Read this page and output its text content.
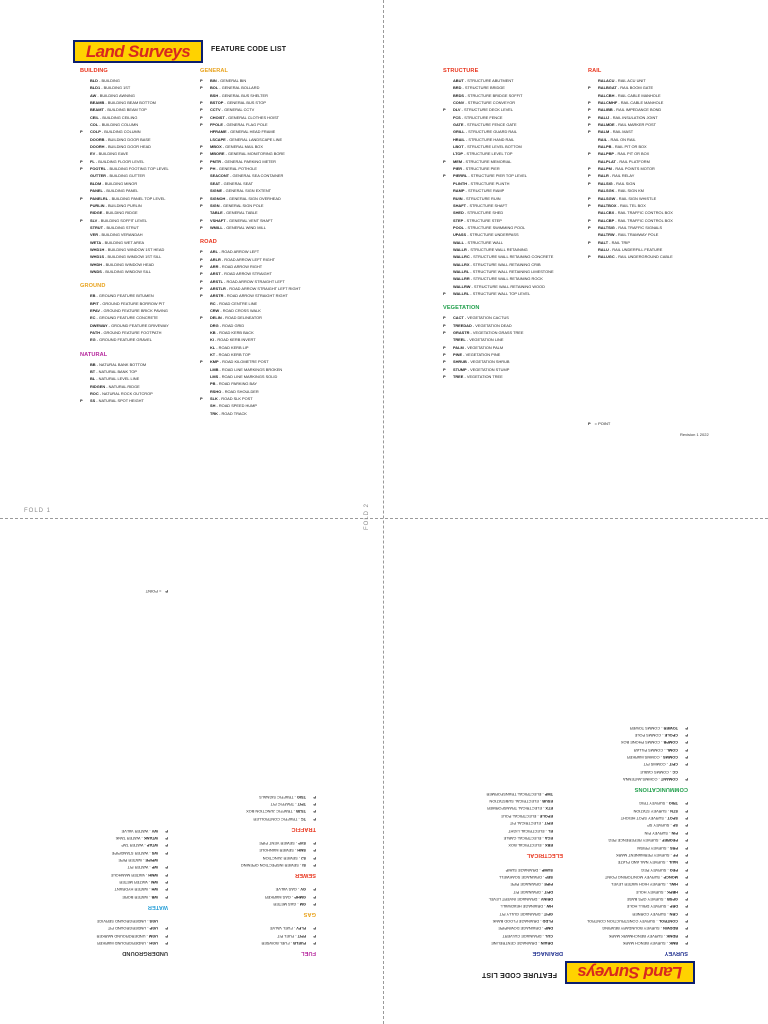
FOLD 1	FOLD 2
Land Surveys	FEATURE CODE LIST
BUILDING
BLD - BUILDING
BLD1 - BUILDING 1ST
AW - BUILDING AWNING
BEAMB - BUILDING BEAM BOTTOM
BEAMT - BUILDING BEAM TOP
CEIL - BUILDING CEILING
COL - BUILDING COLUMN
P COLP - BUILDING COLUMN
DOORB - BUILDING DOOR BASE
DOORH - BUILDING DOOR HEAD
EV - BUILDING EAVE
P FL - BUILDING FLOOR LEVEL
P FOOTRL - BUILDING FOOTING TOP LEVEL
GUTTER - BUILDING GUTTER
BLDM - BUILDING MINOR
PANEL - BUILDING PANEL
P PANELRL - BUILDING PANEL TOP LEVEL
PURLIN - BUILDING PURLIN
RIDGE - BUILDING RIDGE
P SLV - BUILDING SOFFIT LEVEL
STRUT - BUILDING STRUT
VER - BUILDING VERANDAH
WETA - BUILDING WET AREA
WHD1H - BUILDING WINDOW 1ST HEAD
WHD1S - BUILDING WINDOW 1ST SILL
WHDH - BUILDING WINDOW HEAD
WNDS - BUILDING WINDOW SILL
GROUND
EB - GROUND FEATURE BITUMEN
BPIT - GROUND FEATURE BORROW PIT
EPAV - GROUND FEATURE BRICK PAVING
EC - GROUND FEATURE CONCRETE
DWEWAY - GROUND FEATURE DRIVEWAY
PATH - GROUND FEATURE FOOTPATH
EG - GROUND FEATURE GRAVEL
NATURAL
BB - NATURAL BANK BOTTOM
BT - NATURAL BANK TOP
BL - NATURAL LEVEL LINE
RIDGEN - NATURAL RIDGE
ROC - NATURAL ROCK OUTCROP
P SS - NATURAL SPOT HEIGHT
GENERAL
P BIN - GENERAL BIN
P BOL - GENERAL BOLLARD
BSH - GENERAL BUS SHELTER
P BSTOP - GENERAL BUS STOP
P CCTV - GENERAL CCTV
P CHOIST - GENERAL CLOTHES HOIST
P FPOLE - GENERAL FLAG POLE
HFRAME - GENERAL HEAD FRAME
LSCAPE - GENERAL LANDSCAPE LINE
P MBOX - GENERAL MAIL BOX
P MBORE - GENERAL MONITORING BORE
P PMTR - GENERAL PARKING METER
P PH - GENERAL POTHOLE
SEACONT - GENERAL SEA CONTAINER
SEAT - GENERAL SEAT
SIGNE - GENERAL SIGN EXTENT
P SIGNOH - GENERAL SIGN OVERHEAD
P SIGN - GENERAL SIGN POLE
TABLE - GENERAL TABLE
P VSHAFT - GENERAL VENT SHAFT
P WMILL - GENERAL WIND MILL
ROAD
P ARL - ROAD ARROW LEFT
P ARLR - ROAD ARROW LEFT RIGHT
P ARR - ROAD ARROW RIGHT
P ARST - ROAD ARROW STRAIGHT
P ARSTL - ROAD ARROW STRAIGHT LEFT
P ARSTLR - ROAD ARROW STRAIGHT LEFT RIGHT
P ARSTR - ROAD ARROW STRAIGHT RIGHT
RC - ROAD CENTRE LINE
CRW - ROAD CROSS WALK
P DELIN - ROAD DELINEATOR
DRG - ROAD GRID
KB - ROAD KERB BACK
KI - ROAD KERB INVERT
KL - ROAD KERB LIP
KT - ROAD KERB TOP
P KMP - ROAD KILOMETRE POST
LMB - ROAD LINE MARKINGS BROKEN
LMS - ROAD LINE MARKINGS SOLID
PB - ROAD PARKING BAY
RSHO - ROAD SHOULDER
P SLK - ROAD SLK POST
SH - ROAD SPEED HUMP
TRK - ROAD TRACK
STRUCTURE
ABUT - STRUCTURE ABUTMENT
BRD - STRUCTURE BRIDGE
BRDS - STRUCTURE BRIDGE SOFFIT
CONV - STRUCTURE CONVEYOR
P DLV - STRUCTURE DECK LEVEL
FCS - STRUCTURE FENCE
GATE - STRUCTURE FENCE GATE
GRILL - STRUCTURE GUARD RAIL
HRAIL - STRUCTURE HAND RAIL
LBOT - STRUCTURE LEVEL BOTTOM
LTOP - STRUCTURE LEVEL TOP
P MEM - STRUCTURE MEMORIAL
PIER - STRUCTURE PIER
P PIERRL - STRUCTURE PIER TOP LEVEL
PLINTH - STRUCTURE PLINTH
RAMP - STRUCTURE RAMP
RUIN - STRUCTURE RUIN
SHAFT - STRUCTURE SHAFT
SHED - STRUCTURE SHED
STEP - STRUCTURE STEP
POOL - STRUCTURE SWIMMING POOL
UPASS - STRUCTURE UNDERPASS
WALL - STRUCTURE WALL
WALLR - STRUCTURE WALL RETAINING
WALLRC - STRUCTURE WALL RETAINING CONCRETE
WALLRX - STRUCTURE WALL RETAINING CRIB
WALLRL - STRUCTURE WALL RETAINING LIMESTONE
WALLRR - STRUCTURE WALL RETAINING ROCK
WALLRW - STRUCTURE WALL RETAINING WOOD
P WALLRL - STRUCTURE WALL TOP LEVEL
VEGETATION
P CACT - VEGETATION CACTUS
P TREEDAD - VEGETATION DEAD
P GRASTR - VEGETATION GRASS TREE
TREEL - VEGETATION LINE
P PALM - VEGETATION PALM
P PINE - VEGETATION PINE
P SHRUB - VEGETATION SHRUB
P STUMP - VEGETATION STUMP
P TREE - VEGETATION TREE
RAIL
RALACU - RAIL ACU UNIT
P RALBGAT - RAIL BOOM GATE
RALCBH - RAIL CABLE MANHOLE
P RALCMHF - RAIL CABLE MANHOLE
P RALIBB - RAIL IMPEDANCE BOND
P RALIJ - RAIL INSULATION JOINT
P RALMDE - RAIL MARKER POST
P RALM - RAIL MAST
RAIL - RAIL ON RAIL
RALPB - RAIL PIT OR BOX
P RALPBP - RAIL PIT OR BOX
RALPLAT - RAIL PLATFORM
P RALPM - RAIL POINTS MOTOR
P RALR - RAIL RELAY
P RALSIG - RAIL SIGN
RALSGK - RAIL SIGN KM
P RALSGW - RAIL SIGN WHISTLE
P RALTBOX - RAIL TEL BOX
RALCBX - RAIL TRAFFIC CONTROL BOX
P RALCBP - RAIL TRAFFIC CONTROL BOX
P RALTSIG - RAIL TRAFFIC SIGNALS
RALTRW - RAIL TRAMWAY POLE
P RALT - RAIL TRIP
RALU - RAIL UNDERFILL FEATURE
P RALUGC - RAIL UNDERGROUND CABLE
P = POINT
Revision 1 2022
Land Surveys
FEATURE CODE LIST
SURVEY
P
BMK - SURVEY BENCH MARK
P
RDMK - SURVEY BENCHMARK MARK
P
BDDWN - SURVEY BOUNDARY BEARING
P
CONTROL - SURVEY CONSTRUCTION CONTROL
P
CRN - SURVEY CORNER
P
DRP - SURVEY DRILL HOLE
P
GPSB - SURVEY GPS BASE
P
HBPK - SURVEY HOLE
P
HWL - SURVEY HIGH WATER LEVEL
P
MONCP - SURVEY MONITORING POINT
P
PEG - SURVEY PEG
P
NAIL - SURVEY NAIL AND PLATE
P
PF - SURVEY PERMANENT MARK
P
PRS - SURVEY PRISM
P
PEGREF - SURVEY REFERENCE PEG
P
PIN - SURVEY PIN
P
SP - SURVEY SP
P
SPOT - SURVEY SPOT HEIGHT
P
STN - SURVEY STATION
P
TRIG - SURVEY TRIG
COMMUNICATIONS
P
COMANT - COMMS ANTENNA
CC - COMMS CABLE
P
CPIT - COMMS PIT
P
COMMS - COMMS MARKER
P
COML - COMMS PILLAR
P
COMPB - COMMS PHONE BOX
P
CPOLE - COMMS POLE
P
TOWER - COMMS TOWER
DRAINAGE
DRAIN - DRAINAGE CENTRELINE
CUL - DRAINAGE CULVERT
DMP - DRAINAGE DOWNPIPE
FLDD - DRAINAGE FLOOD BANK
GPIT - DRAINAGE GULLY PIT
HW - DRAINAGE HEADWALL
DRINV - DRAINAGE INVERT LEVEL
DPIT - DRAINAGE PIT
PIPE - DRAINAGE PIPE
SEP - DRAINAGE SOAKWELL
SUMP - DRAINAGE SUMP
ELECTRICAL
EBX - ELECTRICAL BOX
ECA - ELECTRICAL CABLE
EL - ELECTRICAL LIGHT
EPIT - ELECTRICAL PIT
EPOLE - ELECTRICAL POLE
ETX - ELECTRICAL TRANSFORMER
ESUB - ELECTRICAL SUBSTATION
TMP - ELECTRICAL TRANSFORMER
FUEL
P
FUELB - FUEL BOWSER
P
FPIT - FUEL PIT
P
FLFV - FUEL VALVE
GAS
P
GM - GAS METER
P
GMHP - GAS MARKER
P
GV - GAS VALVE
SEWER
P
SI - SEWER INSPECTION OPENING
P
SJ - SEWER JUNCTION
P
SMH - SEWER MANHOLE
P
SVP - SEWER VENT PIPE
TRAFFIC
P
TC - TRAFFIC CONTROLLER
P
TSJB - TRAFFIC JUNCTION BOX
P
TPIT - TRAFFIC PIT
P
TSIG - TRAFFIC SIGNALS
UNDERGROUND
P
UGH - UNDERGROUND MARKER
P
UGM - UNDERGROUND MARKER
P
UGP - UNDERGROUND PIT
UGS - UNDERGROUND SERVICE
WATER
P
WB - WATER BORE
P
WH - WATER HYDRANT
P
WM - WATER METER
P
WMH - WATER MANHOLE
P
WP - WATER PIT
WPIPE - WATER PIPE
P
WS - WATER STANDPIPE
P
WTAP - WATER TAP
P
WTANK - WATER TANK
P
WV - WATER VALVE
P= POINT
